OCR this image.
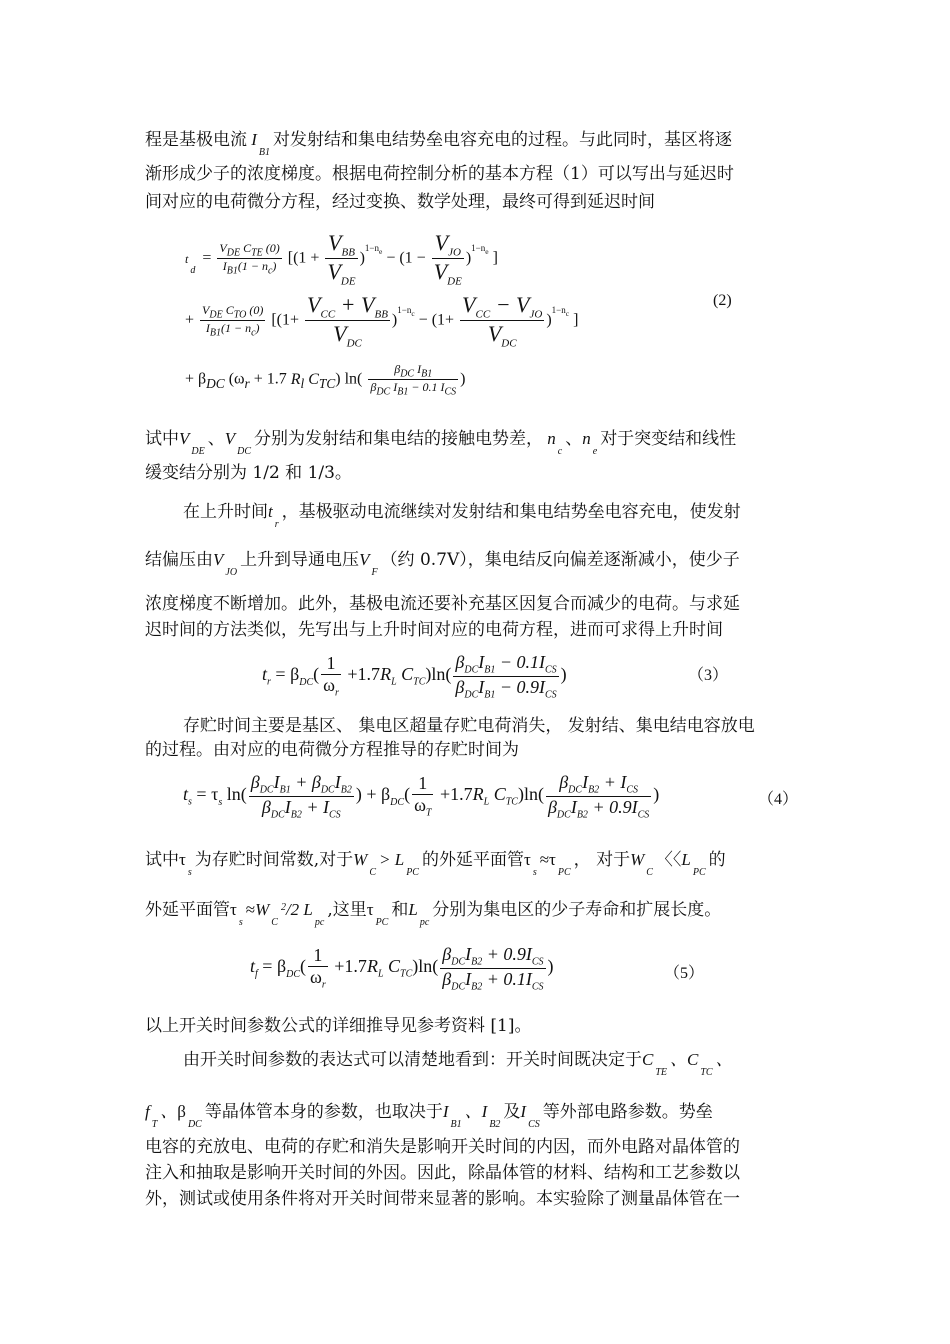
程是基极电流 $I_{B1}$对发射结和集电结势垒电容充电的过程。与此同时，基区将逐
渐形成少子的浓度梯度。根据电荷控制分析的基本方程（1）可以写出与延迟时
间对应的电荷微分方程，经过变换、数学处理，最终可得到延迟时间
$t_d = \frac{V_{DE} C_{TE} (0)}{I_{B1}(1 - n_c)} [(1 + \frac{V_{BB}}{V_{DE}} )^{1-n_e} - (1 - \frac{V_{JO}}{V_{DE}} )^{1-n_e}$ ]
+ $\frac{V_{DE} C_{TO} (0)}{I_{B1}(1 - n_c)} [(1+ \frac{V_{CC} + V_{BB}}{V_{DC}} )^{1-n_c} - (1+ \frac{V_{CC} - V_{JO}}{V_{DC}} )^{1-n_c}$ ]
(2)
+ $\beta_{DC}$ ($\omega_r + 1.7$ $R_l$ $C_{TC}$) $\ln( \frac{\beta_{DC} I_{B1}}{\beta_{DC} I_{B1} - 0.1 I_{CS}}$ )
试中$V_{DE}$、$V_{DC}$分别为发射结和集电结的接触电势差， $n_c$、$n_e$对于突变结和线性
缓变结分别为 1/2 和 1/3。
在上升时间$t_r$，基极驱动电流继续对发射结和集电结势垒电容充电，使发射
结偏压由$V_{JO}$上升到导通电压$V_F$（约 0.7V），集电结反向偏差逐渐减小，使少子
浓度梯度不断增加。此外，基极电流还要补充基区因复合而减少的电荷。与求延
迟时间的方法类似，先写出与上升时间对应的电荷方程，进而可求得上升时间
$t_r = \beta_{DC}( \frac{1}{\omega_r} +1.7R_L$ $C_{TC})\ln( \frac{\beta_{DC}I_{B1} - 0.1I_{CS}}{\beta_{DC}I_{B1} - 0.9I_{CS}}$ )	（3）
存贮时间主要是基区、 集电区超量存贮电荷消失， 发射结、集电结电容放电
的过程。由对应的电荷微分方程推导的存贮时间为
$t_s = \tau_s$ $\ln( \frac{\beta_{DC}I_{B1} + \beta_{DC}I_{B2}}{\beta_{DC}I_{B2} + I_{CS}}$ ) + $\beta_{DC}( \frac{1}{\omega_T} +1.7R_L$ $C_{TC})\ln( \frac{\beta_{DC}I_{B2} + I_{CS}}{\beta_{DC}I_{B2} + 0.9I_{CS}}$ )	（4）
试中$\tau_s$为存贮时间常数,对于$W_C> L_{PC}$的外延平面管$\tau_s\approx\tau_{PC}$， 对于$W_C$〈〈$L_{PC}$的
外延平面管$\tau_s\approx W_C^2/2$ $L_{pc}$,这里$\tau_{PC}$和$L_{pc}$分别为集电区的少子寿命和扩展长度。
$t_f = \beta_{DC}( \frac{1}{\omega_r} +1.7R_L$ $C_{TC})\ln( \frac{\beta_{DC}I_{B2} + 0.9I_{CS}}{\beta_{DC}I_{B2} + 0.1I_{CS}}$ )	（5）
以上开关时间参数公式的详细推导见参考资料 [1]。
由开关时间参数的表达式可以清楚地看到：开关时间既决定于$C_{TE}$、$C_{TC}$、
$f_T$、$\beta_{DC}$等晶体管本身的参数，也取决于$I_{B1}$、$I_{B2}$及$I_{CS}$等外部电路参数。势垒
电容的充放电、电荷的存贮和消失是影响开关时间的内因，而外电路对晶体管的
注入和抽取是影响开关时间的外因。因此，除晶体管的材料、结构和工艺参数以
外，测试或使用条件将对开关时间带来显著的影响。本实验除了测量晶体管在一
